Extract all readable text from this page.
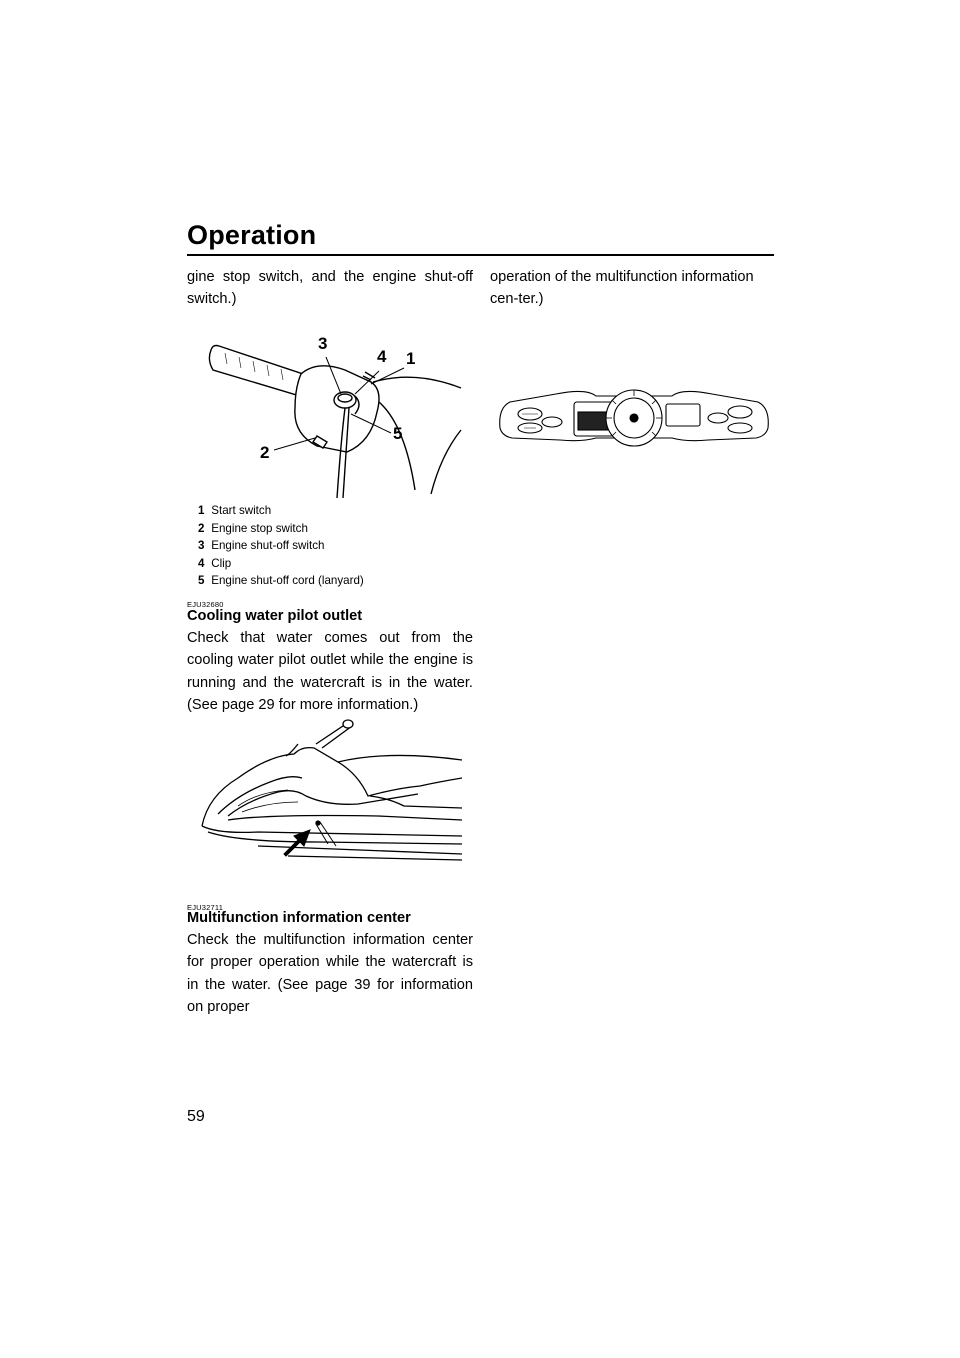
Operation

gine stop switch, and the engine shut-off switch.)

operation of the multifunction information cen-ter.)

3
4 1
5
2
1 Start switch
2 Engine stop switch
3 Engine shut-off switch
4 Clip
5 Engine shut-off cord (lanyard)
EJU32680
Cooling water pilot outlet

Check that water comes out from the cooling water pilot outlet while the engine is running and the watercraft is in the water. (See page 29 for more information.)

EJU32711
Multifunction information center

Check the multifunction information center for proper operation while the watercraft is in the water. (See page 39 for information on proper

59
